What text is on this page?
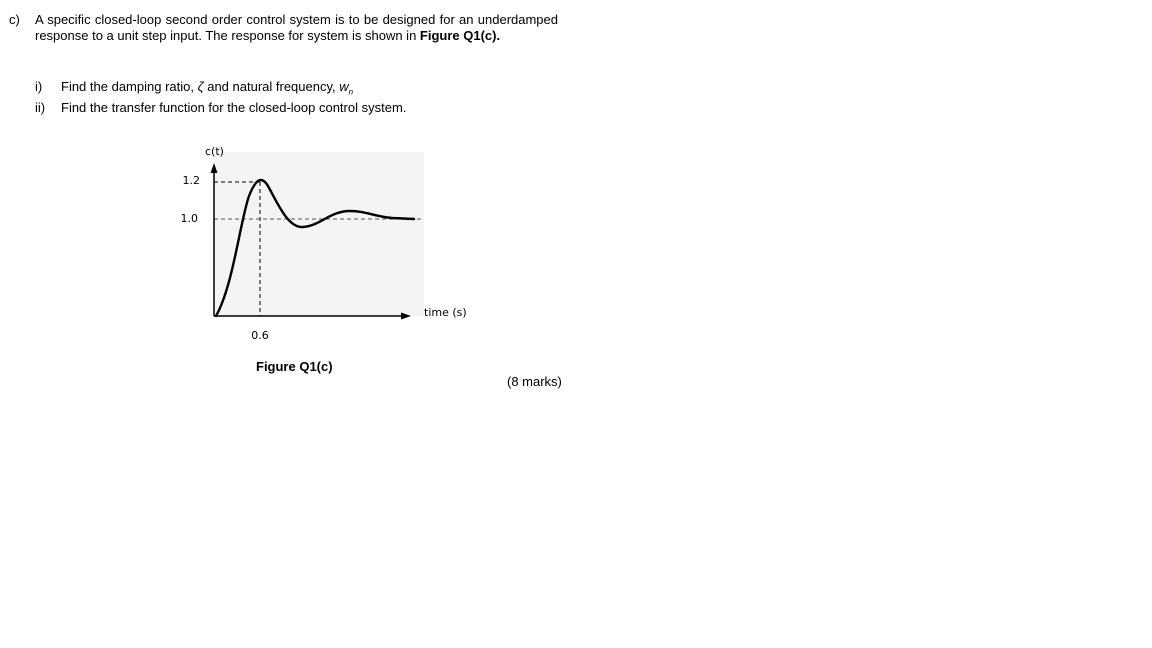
c) A specific closed-loop second order control system is to be designed for an underdamped response to a unit step input. The response for system is shown in Figure Q1(c).
i) Find the damping ratio, ζ and natural frequency, $w_n$
ii) Find the transfer function for the closed-loop control system.
c(t)
time (s)
1.2
1.0
0.6
Figure Q1(c)
(8 marks)
